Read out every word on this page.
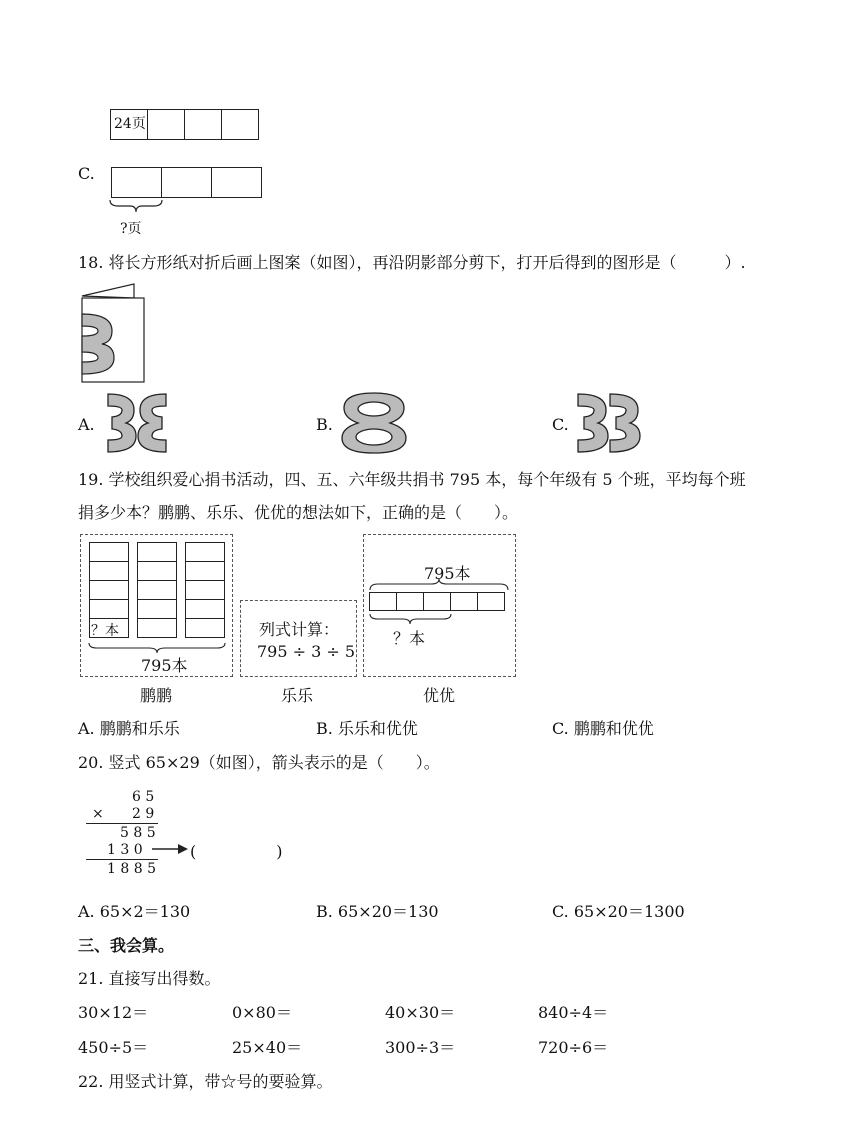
24页
C.
?页
18. 将长方形纸对折后画上图案（如图），再沿阴影部分剪下，打开后得到的图形是（　　　）.
A.	B.	C.
19. 学校组织爱心捐书活动，四、五、六年级共捐书 795 本，每个年级有 5 个班，平均每个班
捐多少本？鹏鹏、乐乐、优优的想法如下，正确的是（　　）。
？本
795本
鹏鹏
列式计算：
795 ÷ 3 ÷ 5
乐乐
795本
？本
优优
A. 鹏鹏和乐乐	B. 乐乐和优优	C. 鹏鹏和优优
20. 竖式 65×29（如图），箭头表示的是（　　）。
6 5
× 2 9
5 8 5
1 3 0	(　　　　　)
1 8 8 5
A. 65×2＝130	B. 65×20＝130	C. 65×20＝1300
三、我会算。
21. 直接写出得数。
30×12＝	0×80＝	40×30＝	840÷4＝
450÷5＝	25×40＝	300÷3＝	720÷6＝
22. 用竖式计算，带☆号的要验算。
